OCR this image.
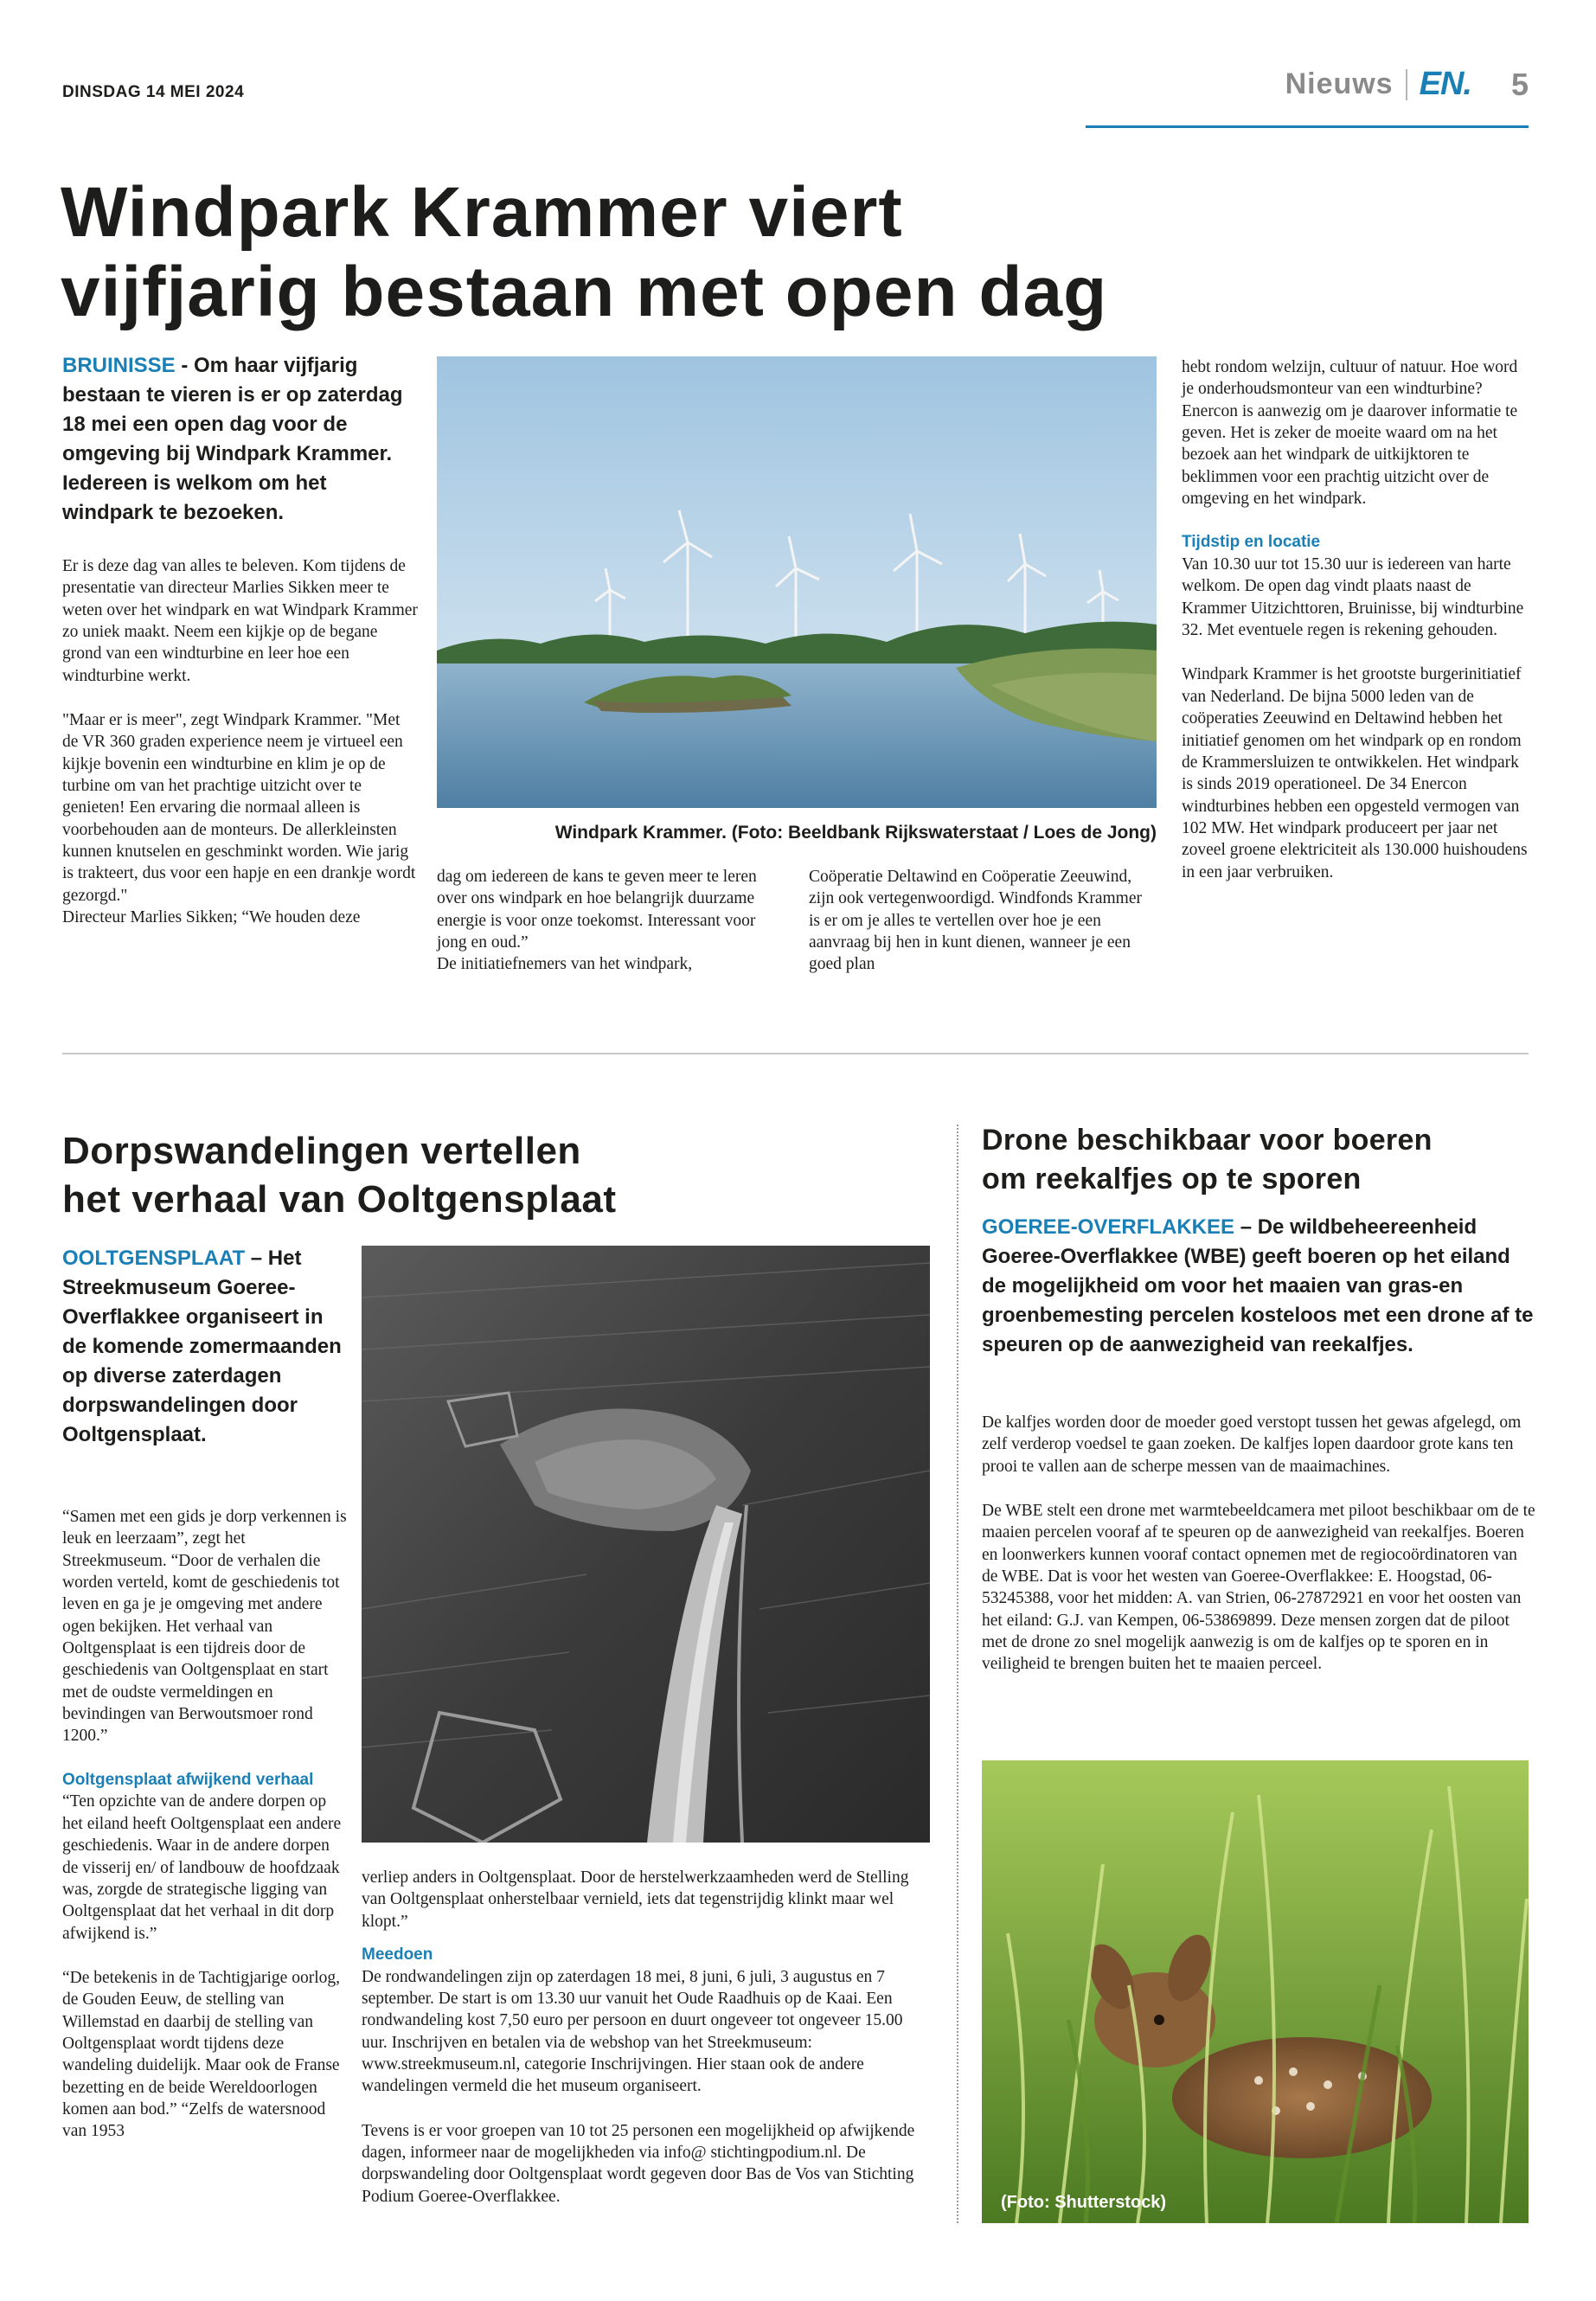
DINSDAG 14 MEI 2024	Nieuws EN. 5
Windpark Krammer viert
vijfjarig bestaan met open dag
BRUINISSE - Om haar vijfjarig bestaan te vieren is er op zaterdag 18 mei een open dag voor de omgeving bij Windpark Krammer. Iedereen is welkom om het windpark te bezoeken.

Er is deze dag van alles te beleven. Kom tijdens de presentatie van directeur Marlies Sikken meer te weten over het windpark en wat Windpark Krammer zo uniek maakt. Neem een kijkje op de begane grond van een windturbine en leer hoe een windturbine werkt.

"Maar er is meer", zegt Windpark Krammer. "Met de VR 360 graden experience neem je virtueel een kijkje bovenin een windturbine en klim je op de turbine om van het prachtige uitzicht over te genieten! Een ervaring die normaal alleen is voorbehouden aan de monteurs. De allerkleinsten kunnen knutselen en geschminkt worden. Wie jarig is trakteert, dus voor een hapje en een drankje wordt gezorgd."

Directeur Marlies Sikken; “We houden deze

Windpark Krammer. (Foto: Beeldbank Rijkswaterstaat / Loes de Jong)

dag om iedereen de kans te geven meer te leren over ons windpark en hoe belangrijk duurzame energie is voor onze toekomst. Interessant voor jong en oud.”

De initiatiefnemers van het windpark,

Coöperatie Deltawind en Coöperatie Zeeuwind, zijn ook vertegenwoordigd. Windfonds Krammer is er om je alles te vertellen over hoe je een aanvraag bij hen in kunt dienen, wanneer je een goed plan

hebt rondom welzijn, cultuur of natuur. Hoe word je onderhoudsmonteur van een windturbine? Enercon is aanwezig om je daarover informatie te geven. Het is zeker de moeite waard om na het bezoek aan het windpark de uitkijktoren te beklimmen voor een prachtig uitzicht over de omgeving en het windpark.

Tijdstip en locatie

Van 10.30 uur tot 15.30 uur is iedereen van harte welkom. De open dag vindt plaats naast de Krammer Uitzichttoren, Bruinisse, bij windturbine 32. Met eventuele regen is rekening gehouden.

Windpark Krammer is het grootste burgerinitiatief van Nederland. De bijna 5000 leden van de coöperaties Zeeuwind en Deltawind hebben het initiatief genomen om het windpark op en rondom de Krammersluizen te ontwikkelen. Het windpark is sinds 2019 operationeel. De 34 Enercon windturbines hebben een opgesteld vermogen van 102 MW. Het windpark produceert per jaar net zoveel groene elektriciteit als 130.000 huishoudens in een jaar verbruiken.

Dorpswandelingen vertellen
het verhaal van Ooltgensplaat
OOLTGENSPLAAT – Het Streekmuseum Goeree-Overflakkee organiseert in de komende zomermaanden op diverse zaterdagen dorpswandelingen door Ooltgensplaat.

“Samen met een gids je dorp verkennen is leuk en leerzaam”, zegt het Streekmuseum. “Door de verhalen die worden verteld, komt de geschiedenis tot leven en ga je je omgeving met andere ogen bekijken. Het verhaal van Ooltgensplaat is een tijdreis door de geschiedenis van Ooltgensplaat en start met de oudste vermeldingen en bevindingen van Berwoutsmoer rond 1200.”

Ooltgensplaat afwijkend verhaal

“Ten opzichte van de andere dorpen op het eiland heeft Ooltgensplaat een andere geschiedenis. Waar in de andere dorpen de visserij en/ of landbouw de hoofdzaak was, zorgde de strategische ligging van Ooltgensplaat dat het verhaal in dit dorp afwijkend is.”

“De betekenis in de Tachtigjarige oorlog, de Gouden Eeuw, de stelling van Willemstad en daarbij de stelling van Ooltgensplaat wordt tijdens deze wandeling duidelijk. Maar ook de Franse bezetting en de beide Wereldoorlogen komen aan bod.” “Zelfs de watersnood van 1953

verliep anders in Ooltgensplaat. Door de herstelwerkzaamheden werd de Stelling van Ooltgensplaat onherstelbaar vernield, iets dat tegenstrijdig klinkt maar wel klopt.”

Meedoen

De rondwandelingen zijn op zaterdagen 18 mei, 8 juni, 6 juli, 3 augustus en 7 september. De start is om 13.30 uur vanuit het Oude Raadhuis op de Kaai. Een rondwandeling kost 7,50 euro per persoon en duurt ongeveer tot ongeveer 15.00 uur. Inschrijven en betalen via de webshop van het Streekmuseum: www.streekmuseum.nl, categorie Inschrijvingen. Hier staan ook de andere wandelingen vermeld die het museum organiseert.

Tevens is er voor groepen van 10 tot 25 personen een mogelijkheid op afwijkende dagen, informeer naar de mogelijkheden via info@ stichtingpodium.nl. De dorpswandeling door Ooltgensplaat wordt gegeven door Bas de Vos van Stichting Podium Goeree-Overflakkee.

Drone beschikbaar voor boeren
om reekalfjes op te sporen
GOEREE-OVERFLAKKEE – De wildbeheereenheid Goeree-Overflakkee (WBE) geeft boeren op het eiland de mogelijkheid om voor het maaien van gras-en groenbemesting percelen kosteloos met een drone af te speuren op de aanwezigheid van reekalfjes.

De kalfjes worden door de moeder goed verstopt tussen het gewas afgelegd, om zelf verderop voedsel te gaan zoeken. De kalfjes lopen daardoor grote kans ten prooi te vallen aan de scherpe messen van de maaimachines.

De WBE stelt een drone met warmtebeeldcamera met piloot beschikbaar om de te maaien percelen vooraf af te speuren op de aanwezigheid van reekalfjes. Boeren en loonwerkers kunnen vooraf contact opnemen met de regiocoördinatoren van de WBE. Dat is voor het westen van Goeree-Overflakkee: E. Hoogstad, 06-53245388, voor het midden: A. van Strien, 06-27872921 en voor het oosten van het eiland: G.J. van Kempen, 06-53869899. Deze mensen zorgen dat de piloot met de drone zo snel mogelijk aanwezig is om de kalfjes op te sporen en in veiligheid te brengen buiten het te maaien perceel.

(Foto: Shutterstock)
